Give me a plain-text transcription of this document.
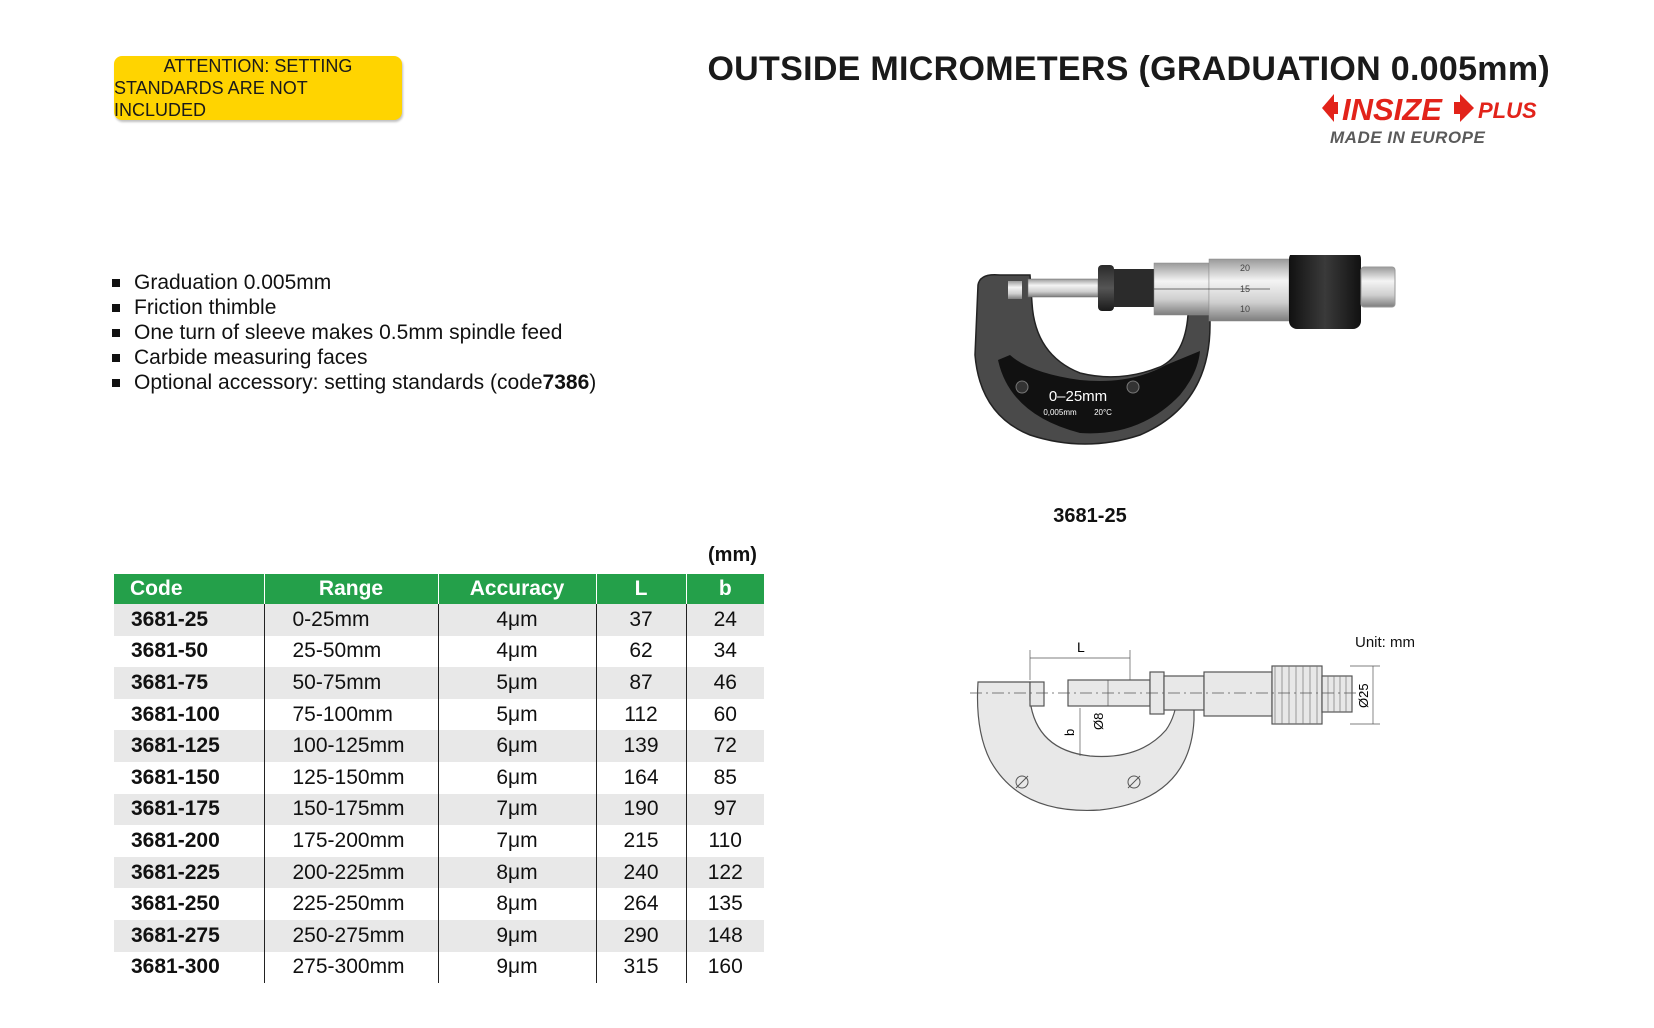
ATTENTION: SETTING
STANDARDS ARE NOT INCLUDED
OUTSIDE MICROMETERS (GRADUATION 0.005mm)
INSIZE PLUS
MADE IN EUROPE
Graduation 0.005mm
Friction thimble
One turn of sleeve makes 0.5mm spindle feed
Carbide measuring faces
Optional accessory: setting standards (code 7386 )
0–25mm
0,005mm 20°C
20
15
10
3681-25
(mm)
Code	Range	Accuracy	L	b
3681-25	0-25mm	4μm	37	24
3681-50	25-50mm	4μm	62	34
3681-75	50-75mm	5μm	87	46
3681-100	75-100mm	5μm	112	60
3681-125	100-125mm	6μm	139	72
3681-150	125-150mm	6μm	164	85
3681-175	150-175mm	7μm	190	97
3681-200	175-200mm	7μm	215	110
3681-225	200-225mm	8μm	240	122
3681-250	225-250mm	8μm	264	135
3681-275	250-275mm	9μm	290	148
3681-300	275-300mm	9μm	315	160
Unit: mm
L
b
Ø8
Ø25
